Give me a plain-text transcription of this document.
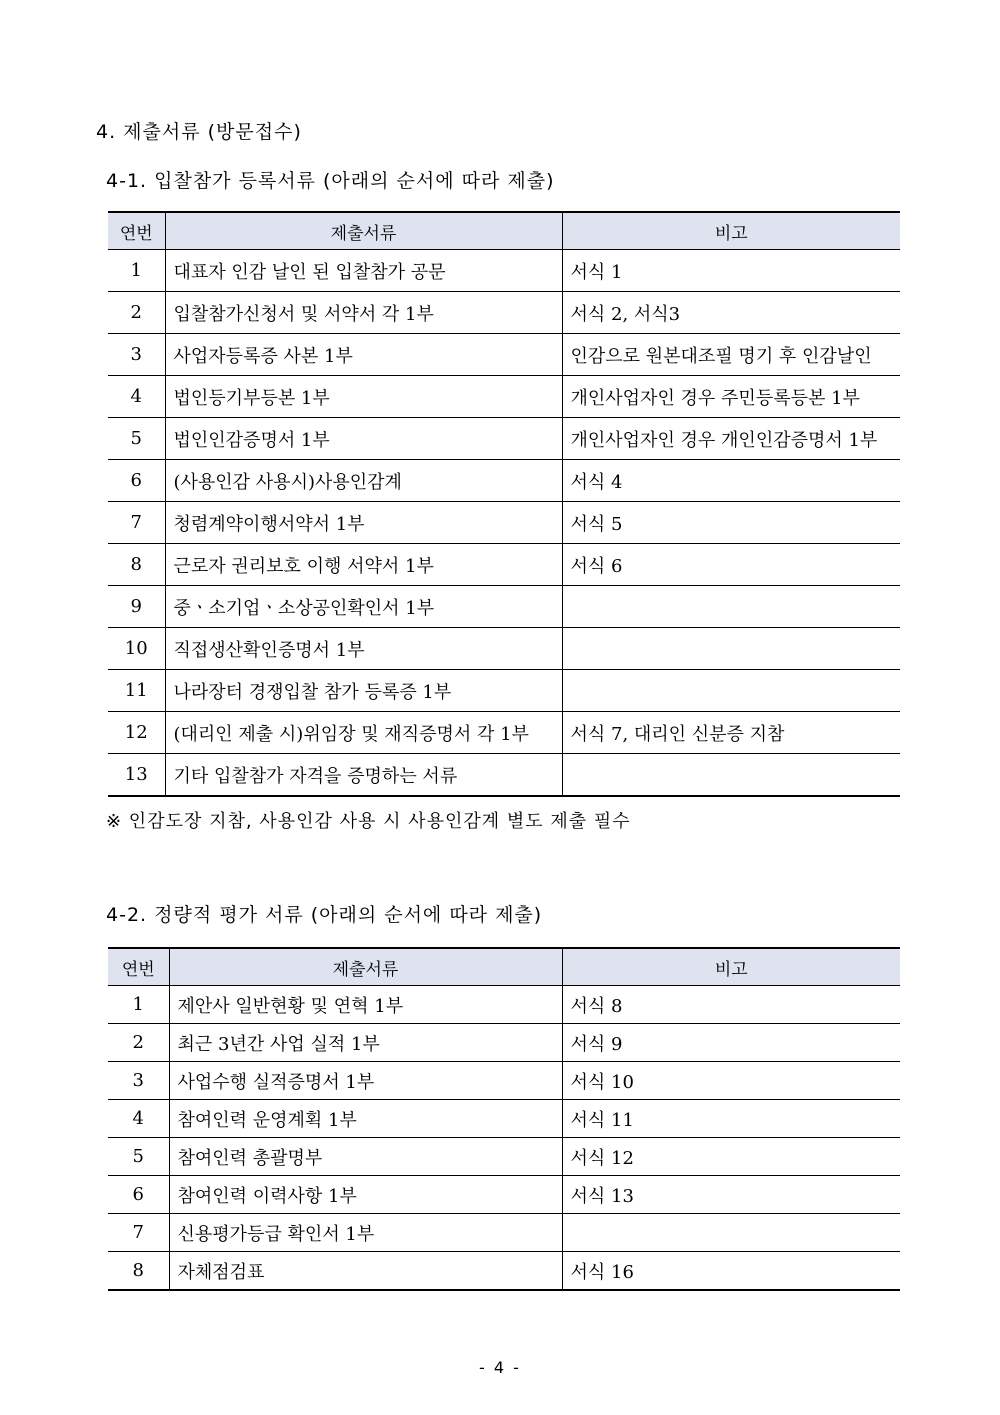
4. 제출서류 (방문접수)
4-1. 입찰참가 등록서류 (아래의 순서에 따라 제출)
연번	제출서류	비고
1	대표자 인감 날인 된 입찰참가 공문	서식 1
2	입찰참가신청서 및 서약서 각 1부	서식 2, 서식3
3	사업자등록증 사본 1부	인감으로 원본대조필 명기 후 인감날인
4	법인등기부등본 1부	개인사업자인 경우 주민등록등본 1부
5	법인인감증명서 1부	개인사업자인 경우 개인인감증명서 1부
6	(사용인감 사용시)사용인감계	서식 4
7	청렴계약이행서약서 1부	서식 5
8	근로자 권리보호 이행 서약서 1부	서식 6
9	중ㆍ소기업ㆍ소상공인확인서 1부	
10	직접생산확인증명서 1부	
11	나라장터 경쟁입찰 참가 등록증 1부	
12	(대리인 제출 시)위임장 및 재직증명서 각 1부	서식 7, 대리인 신분증 지참
13	기타 입찰참가 자격을 증명하는 서류	
※ 인감도장 지참, 사용인감 사용 시 사용인감계 별도 제출 필수
4-2. 정량적 평가 서류 (아래의 순서에 따라 제출)
연번	제출서류	비고
1	제안사 일반현황 및 연혁 1부	서식 8
2	최근 3년간 사업 실적 1부	서식 9
3	사업수행 실적증명서 1부	서식 10
4	참여인력 운영계획 1부	서식 11
5	참여인력 총괄명부	서식 12
6	참여인력 이력사항 1부	서식 13
7	신용평가등급 확인서 1부	
8	자체점검표	서식 16
- 4 -
